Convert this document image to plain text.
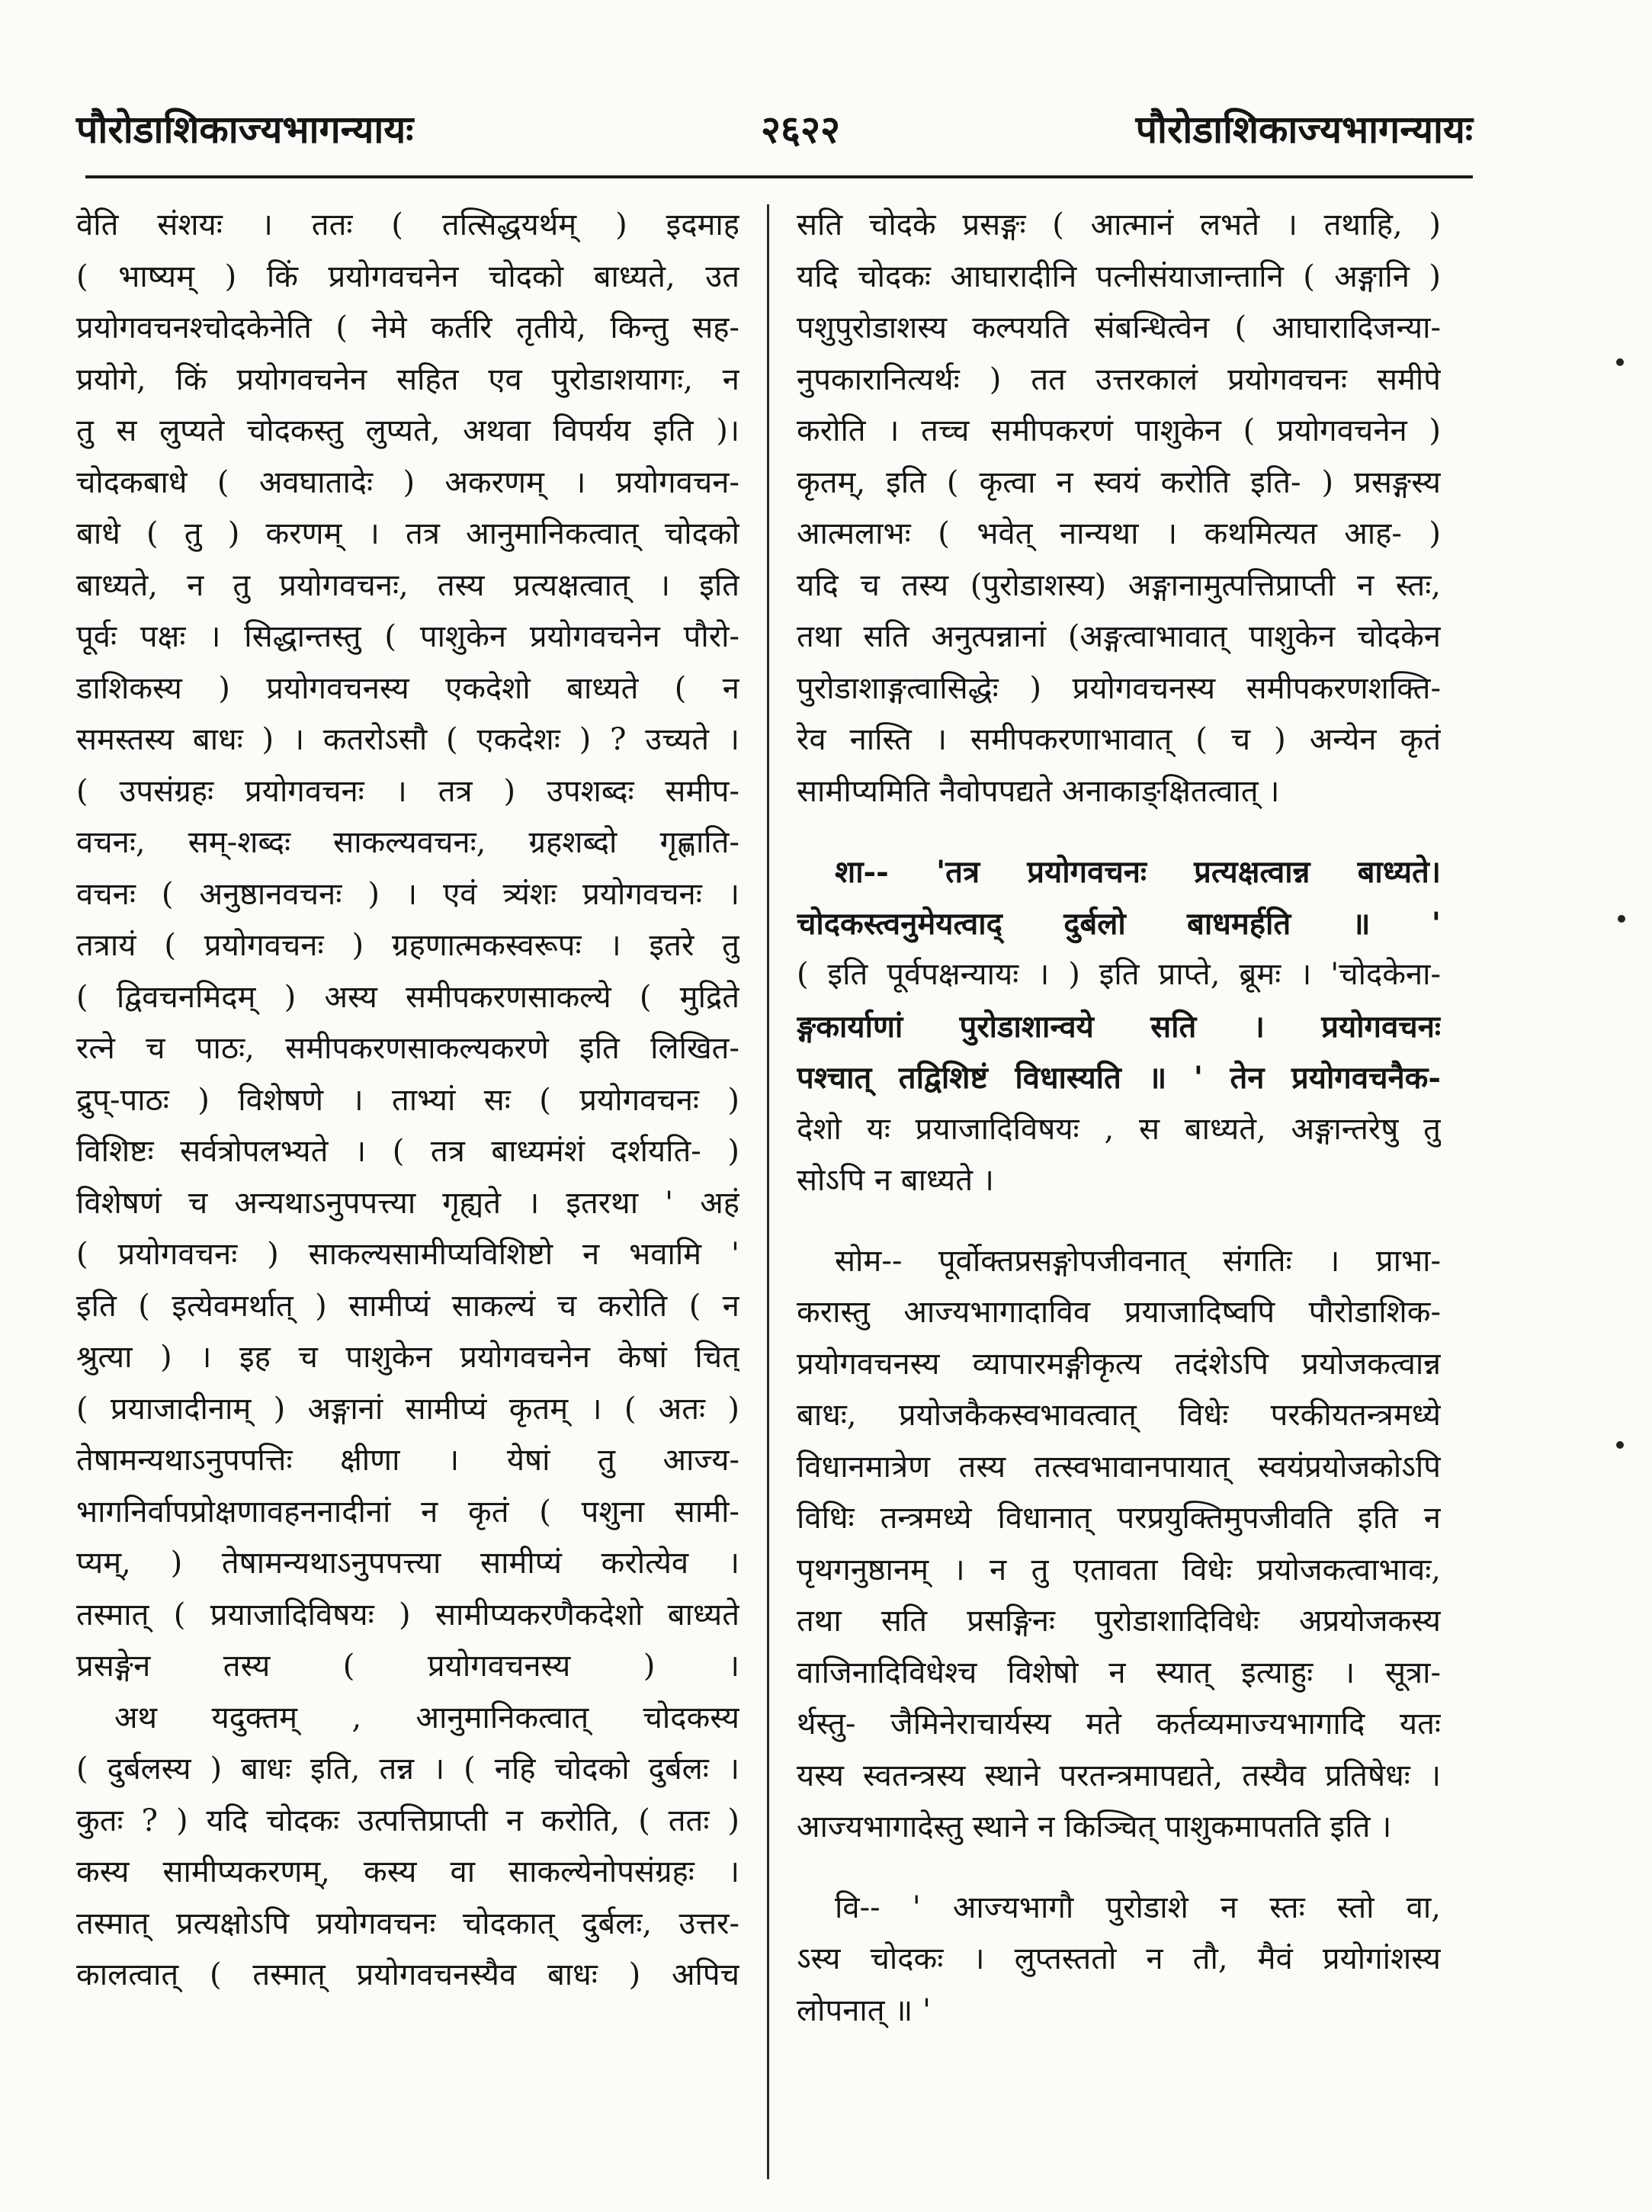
पौरोडाशिकाज्यभागन्यायः	२६२२	पौरोडाशिकाज्यभागन्यायः
वेति संशयः । ततः ( तत्सिद्धयर्थम् ) इदमाह
( भाष्यम् ) किं प्रयोगवचनेन चोदको बाध्यते, उत
प्रयोगवचनश्चोदकेनेति ( नेमे कर्तरि तृतीये, किन्तु सह-
प्रयोगे, किं प्रयोगवचनेन सहित एव पुरोडाशयागः, न
तु स लुप्यते चोदकस्तु लुप्यते, अथवा विपर्यय इति )।
चोदकबाधे ( अवघातादेः ) अकरणम् । प्रयोगवचन-
बाधे ( तु ) करणम् । तत्र आनुमानिकत्वात् चोदको
बाध्यते, न तु प्रयोगवचनः, तस्य प्रत्यक्षत्वात् । इति
पूर्वः पक्षः । सिद्धान्तस्तु ( पाशुकेन प्रयोगवचनेन पौरो-
डाशिकस्य ) प्रयोगवचनस्य एकदेशो बाध्यते ( न
समस्तस्य बाधः ) । कतरोऽसौ ( एकदेशः ) ? उच्यते ।
( उपसंग्रहः प्रयोगवचनः । तत्र ) उपशब्दः समीप-
वचनः, सम्-शब्दः साकल्यवचनः, ग्रहशब्दो गृह्णाति-
वचनः ( अनुष्ठानवचनः ) । एवं त्र्यंशः प्रयोगवचनः ।
तत्रायं ( प्रयोगवचनः ) ग्रहणात्मकस्वरूपः । इतरे तु
( द्विवचनमिदम् ) अस्य समीपकरणसाकल्ये ( मुद्रिते
रत्ने च पाठः, समीपकरणसाकल्यकरणे इति लिखित-
द्रुप्-पाठः ) विशेषणे । ताभ्यां सः ( प्रयोगवचनः )
विशिष्टः सर्वत्रोपलभ्यते । ( तत्र बाध्यमंशं दर्शयति- )
विशेषणं च अन्यथाऽनुपपत्त्या गृह्यते । इतरथा ' अहं
( प्रयोगवचनः ) साकल्यसामीप्यविशिष्टो न भवामि '
इति ( इत्येवमर्थात् ) सामीप्यं साकल्यं च करोति ( न
श्रुत्या ) । इह च पाशुकेन प्रयोगवचनेन केषां चित्
( प्रयाजादीनाम् ) अङ्गानां सामीप्यं कृतम् । ( अतः )
तेषामन्यथाऽनुपपत्तिः क्षीणा । येषां तु आज्य-
भागनिर्वापप्रोक्षणावहननादीनां न कृतं ( पशुना सामी-
प्यम्, ) तेषामन्यथाऽनुपपत्त्या सामीप्यं करोत्येव ।
तस्मात् ( प्रयाजादिविषयः ) सामीप्यकरणैकदेशो बाध्यते
प्रसङ्गेन तस्य ( प्रयोगवचनस्य ) ।
अथ यदुक्तम् , आनुमानिकत्वात् चोदकस्य
( दुर्बलस्य ) बाधः इति, तन्न । ( नहि चोदको दुर्बलः ।
कुतः ? ) यदि चोदकः उत्पत्तिप्राप्ती न करोति, ( ततः )
कस्य सामीप्यकरणम्, कस्य वा साकल्येनोपसंग्रहः ।
तस्मात् प्रत्यक्षोऽपि प्रयोगवचनः चोदकात् दुर्बलः, उत्तर-
कालत्वात् ( तस्मात् प्रयोगवचनस्यैव बाधः ) अपिच
सति चोदके प्रसङ्गः ( आत्मानं लभते । तथाहि, )
यदि चोदकः आघारादीनि पत्नीसंयाजान्तानि ( अङ्गानि )
पशुपुरोडाशस्य कल्पयति संबन्धित्वेन ( आघारादिजन्या-
नुपकारानित्यर्थः ) तत उत्तरकालं प्रयोगवचनः समीपे
करोति । तच्च समीपकरणं पाशुकेन ( प्रयोगवचनेन )
कृतम्, इति ( कृत्वा न स्वयं करोति इति- ) प्रसङ्गस्य
आत्मलाभः ( भवेत् नान्यथा । कथमित्यत आह- )
यदि च तस्य (पुरोडाशस्य) अङ्गानामुत्पत्तिप्राप्ती न स्तः,
तथा सति अनुत्पन्नानां (अङ्गत्वाभावात् पाशुकेन चोदकेन
पुरोडाशाङ्गत्वासिद्धेः ) प्रयोगवचनस्य समीपकरणशक्ति-
रेव नास्ति । समीपकरणाभावात् ( च ) अन्येन कृतं
सामीप्यमिति नैवोपपद्यते अनाकाङ्क्षितत्वात् ।
शा-- 'तत्र प्रयोगवचनः प्रत्यक्षत्वान्न बाध्यते।
चोदकस्त्वनुमेयत्वाद् दुर्बलो बाधमर्हति ॥ '
( इति पूर्वपक्षन्यायः । ) इति प्राप्ते, ब्रूमः । 'चोदकेना-
ङ्गकार्याणां पुरोडाशान्वये सति । प्रयोगवचनः
पश्चात् तद्विशिष्टं विधास्यति ॥ ' तेन प्रयोगवचनैक-
देशो यः प्रयाजादिविषयः , स बाध्यते, अङ्गान्तरेषु तु
सोऽपि न बाध्यते ।
सोम-- पूर्वोक्तप्रसङ्गोपजीवनात् संगतिः । प्राभा-
करास्तु आज्यभागादाविव प्रयाजादिष्वपि पौरोडाशिक-
प्रयोगवचनस्य व्यापारमङ्गीकृत्य तदंशेऽपि प्रयोजकत्वान्न
बाधः, प्रयोजकैकस्वभावत्वात् विधेः परकीयतन्त्रमध्ये
विधानमात्रेण तस्य तत्स्वभावानपायात् स्वयंप्रयोजकोऽपि
विधिः तन्त्रमध्ये विधानात् परप्रयुक्तिमुपजीवति इति न
पृथगनुष्ठानम् । न तु एतावता विधेः प्रयोजकत्वाभावः,
तथा सति प्रसङ्गिनः पुरोडाशादिविधेः अप्रयोजकस्य
वाजिनादिविधेश्च विशेषो न स्यात् इत्याहुः । सूत्रा-
र्थस्तु- जैमिनेराचार्यस्य मते कर्तव्यमाज्यभागादि यतः
यस्य स्वतन्त्रस्य स्थाने परतन्त्रमापद्यते, तस्यैव प्रतिषेधः ।
आज्यभागादेस्तु स्थाने न किञ्चित् पाशुकमापतति इति ।
वि-- ' आज्यभागौ पुरोडाशे न स्तः स्तो वा,
ऽस्य चोदकः । लुप्तस्ततो न तौ, मैवं प्रयोगांशस्य
लोपनात् ॥ '
